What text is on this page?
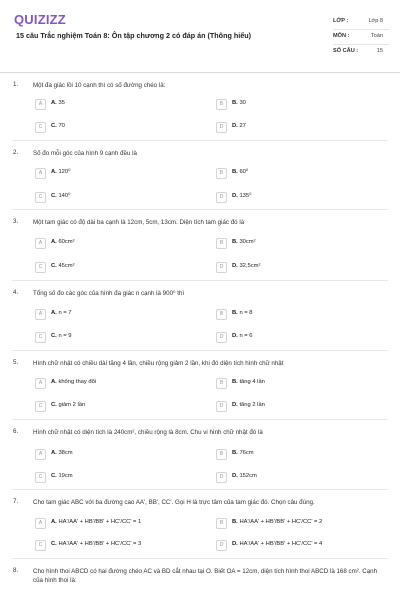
QUIZIZZ
15 câu Trắc nghiệm Toán 8: Ôn tập chương 2 có đáp án (Thông hiểu)
LỚP :	Lớp 8
MÔN :	Toán
SỐ CÂU :	15
1. Một đa giác lồi 10 cạnh thì có số đường chéo là:
A	A. 35	B	B. 30
C	C. 70	D	D. 27
2. Số đo mỗi góc của hình 9 cạnh đều là
A	A. 120⁰	B	B. 60⁰
C	C. 140⁰	D	D. 135⁰
3. Một tam giác có độ dài ba cạnh là 12cm, 5cm, 13cm. Diện tích tam giác đó là
A	A. 60cm²	B	B. 30cm²
C	C. 45cm²	D	D. 32,5cm²
4. Tổng số đo các góc của hình đa giác n cạnh là 900⁰ thì
A	A. n = 7	B	B. n = 8
C	C. n = 9	D	D. n = 6
5. Hình chữ nhật có chiều dài tăng 4 lần, chiều rộng giảm 2 lần, khi đó diện tích hình chữ nhật
A	A. không thay đổi	B	B. tăng 4 lần
C	C. giảm 2 lần	D	D. tăng 2 lần
6. Hình chữ nhật có diện tích là 240cm², chiều rộng là 8cm. Chu vi hình chữ nhật đó là
A	A. 38cm	B	B. 76cm
C	C. 19cm	D	D. 152cm
7. Cho tam giác ABC với ba đường cao AA', BB', CC'. Gọi H là trực tâm của tam giác đó. Chọn câu đúng.
A	A. HA'/AA' + HB'/BB' + HC'/CC' = 1	B	B. HA'/AA' + HB'/BB' + HC'/CC' = 2
C	C. HA'/AA' + HB'/BB' + HC'/CC' = 3	D	D. HA'/AA' + HB'/BB' + HC'/CC' = 4
8. Cho hình thoi ABCD có hai đường chéo AC và BD cắt nhau tại O. Biết OA = 12cm, diện tích hình thoi ABCD là 168 cm². Cạnh của hình thoi là:
